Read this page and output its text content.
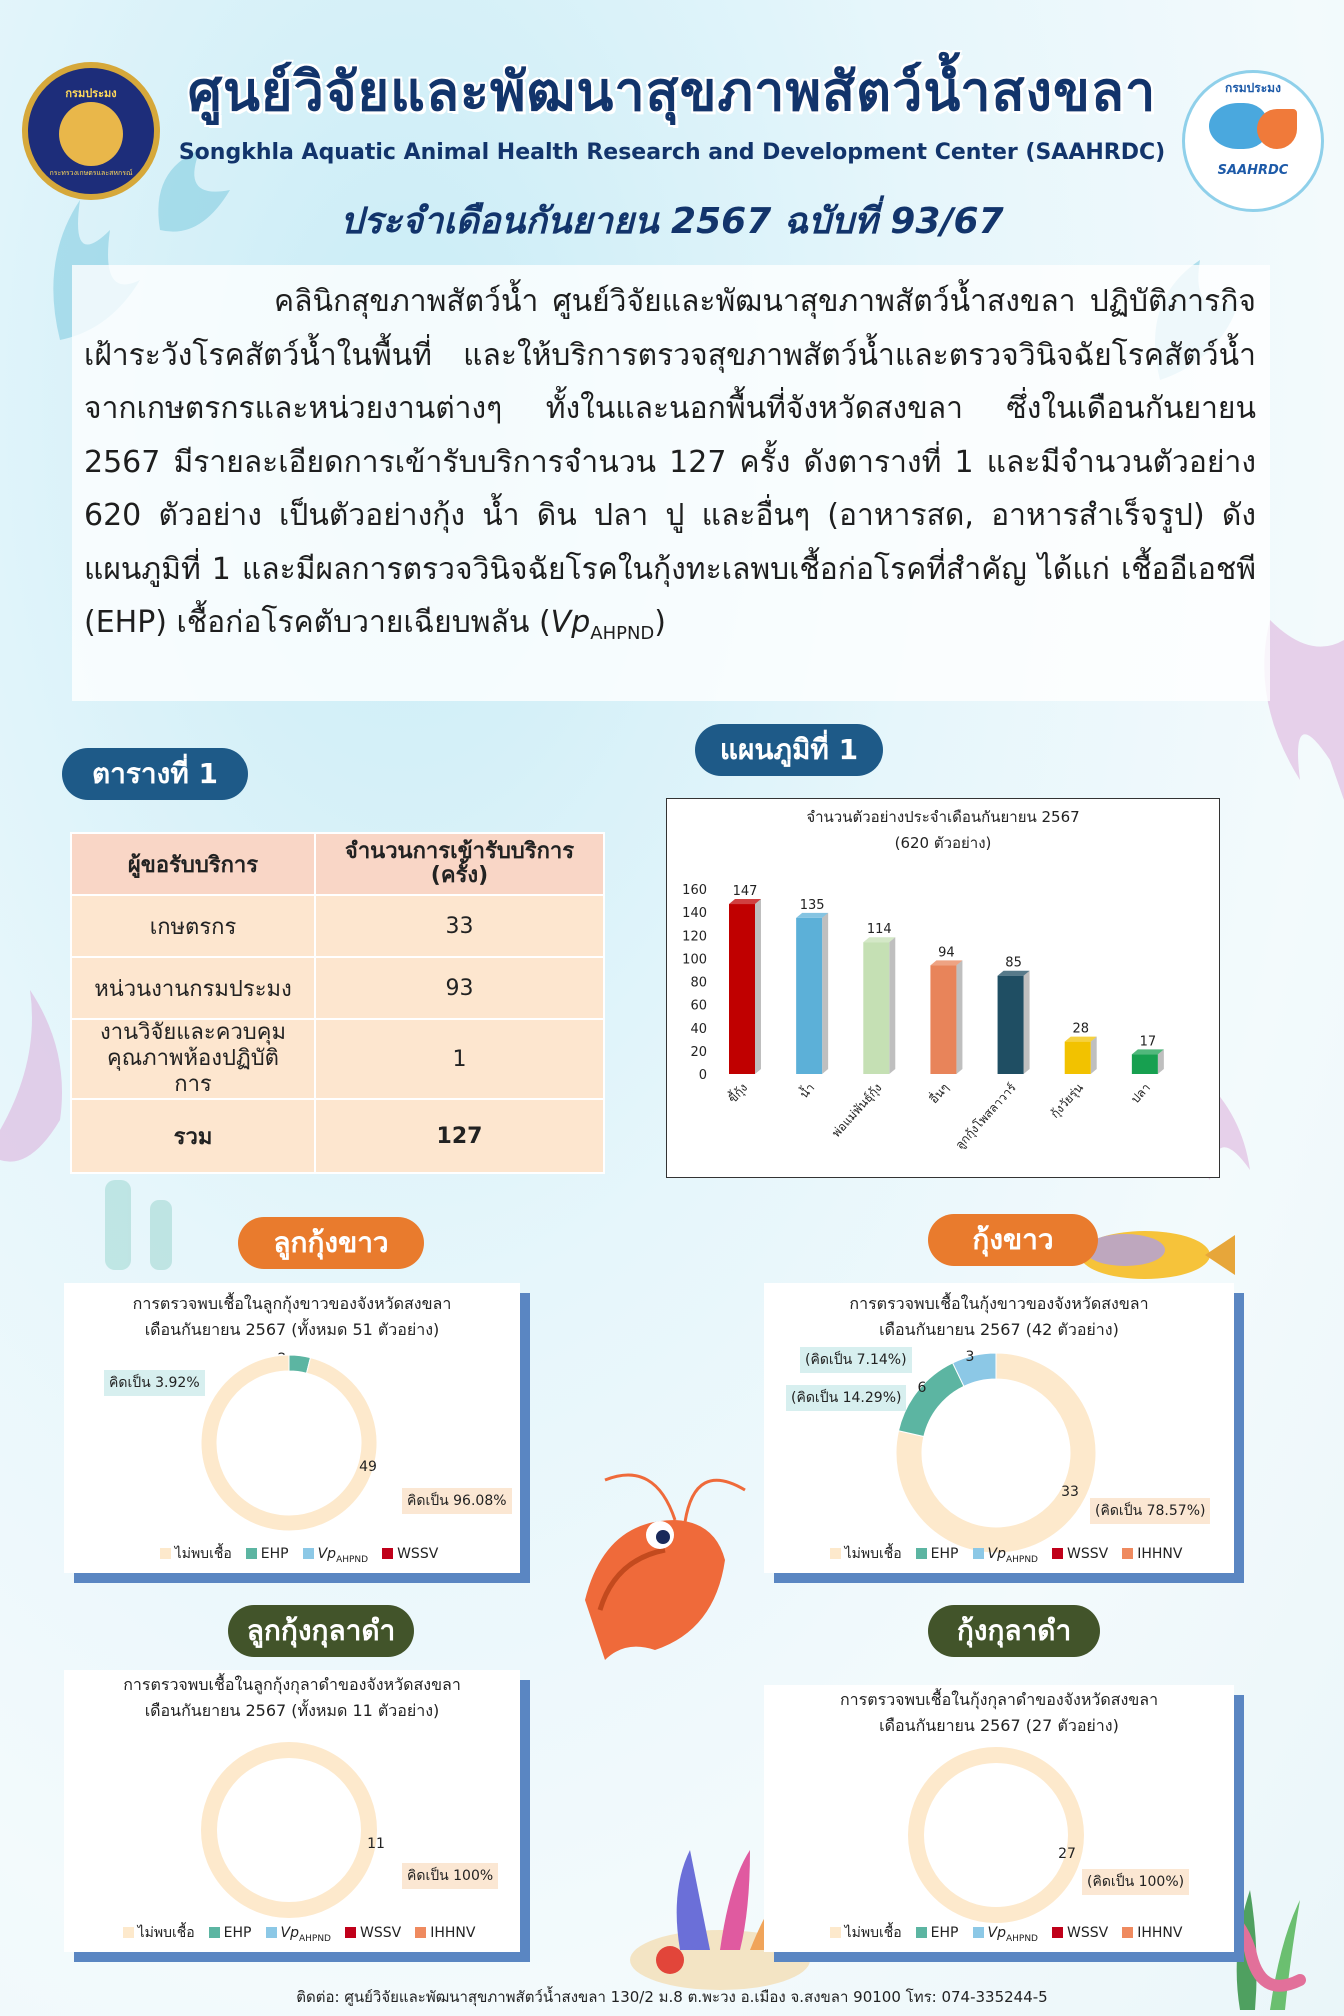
กรมประมง
กระทรวงเกษตรและสหกรณ์
กรมประมง
SAAHRDC
ศูนย์วิจัยและพัฒนาสุขภาพสัตว์น้ำสงขลา
Songkhla Aquatic Animal Health Research and Development Center (SAAHRDC)
ประจำเดือนกันยายน 2567 ฉบับที่ 93/67

คลินิกสุขภาพสัตว์น้ำ ศูนย์วิจัยและพัฒนาสุขภาพสัตว์น้ำสงขลา ปฏิบัติภารกิจเฝ้าระวังโรคสัตว์น้ำในพื้นที่ และให้บริการตรวจสุขภาพสัตว์น้ำและตรวจวินิจฉัยโรคสัตว์น้ำจากเกษตรกรและหน่วยงานต่างๆ ทั้งในและนอกพื้นที่จังหวัดสงขลา ซึ่งในเดือนกันยายน 2567 มีรายละเอียดการเข้ารับบริการจำนวน 127 ครั้ง ดังตารางที่ 1 และมีจำนวนตัวอย่าง 620 ตัวอย่าง เป็นตัวอย่างกุ้ง น้ำ ดิน ปลา ปู และอื่นๆ (อาหารสด, อาหารสำเร็จรูป) ดังแผนภูมิที่ 1 และมีผลการตรวจวินิจฉัยโรคในกุ้งทะเลพบเชื้อก่อโรคที่สำคัญ ได้แก่ เชื้ออีเอชพี (EHP) เชื้อก่อโรคตับวายเฉียบพลัน $(Vp_{AHPND})$

ตารางที่ 1
ผู้ขอรับบริการ	จำนวนการเข้ารับบริการ (ครั้ง)
เกษตรกร	33
หน่วนงานกรมประมง	93
งานวิจัยและควบคุมคุณภาพห้องปฏิบัติการ	1
รวม	127
แผนภูมิที่ 1
จำนวนตัวอย่างประจำเดือนกันยายน 2567
(620 ตัวอย่าง)
0
20
40
60
80
100
120
140
160 147
ขี้กุ้ง
135
น้ำ
114
พ่อแม่พันธุ์กุ้ง
94
อื่นๆ
85
ลูกกุ้งโพสลาวาร์
28
กุ้งวัยรุ่น
17
ปลา
ลูกกุ้งขาว
การตรวจพบเชื้อในลูกกุ้งขาวของจังหวัดสงขลา
เดือนกันยายน 2567 (ทั้งหมด 51 ตัวอย่าง)
49
คิดเป็น 3.92%
คิดเป็น 96.08%
ไม่พบเชื้อ EHP $Vp_{AHPND}$ WSSV
กุ้งขาว
การตรวจพบเชื้อในกุ้งขาวของจังหวัดสงขลา
เดือนกันยายน 2567 (42 ตัวอย่าง)
33
6
3
(คิดเป็น 7.14%)
(คิดเป็น 14.29%)
(คิดเป็น 78.57%)
ไม่พบเชื้อ EHP $Vp_{AHPND}$ WSSV IHHNV
ลูกกุ้งกุลาดำ
การตรวจพบเชื้อในลูกกุ้งกุลาดำของจังหวัดสงขลา
เดือนกันยายน 2567 (ทั้งหมด 11 ตัวอย่าง)
11
คิดเป็น 100%
ไม่พบเชื้อ EHP $Vp_{AHPND}$ WSSV IHHNV
กุ้งกุลาดำ
การตรวจพบเชื้อในกุ้งกุลาดำของจังหวัดสงขลา
เดือนกันยายน 2567 (27 ตัวอย่าง)
27
(คิดเป็น 100%)
ไม่พบเชื้อ EHP $Vp_{AHPND}$ WSSV IHHNV
ติดต่อ: ศูนย์วิจัยและพัฒนาสุขภาพสัตว์น้ำสงขลา 130/2 ม.8 ต.พะวง อ.เมือง จ.สงขลา 90100 โทร: 074-335244-5
